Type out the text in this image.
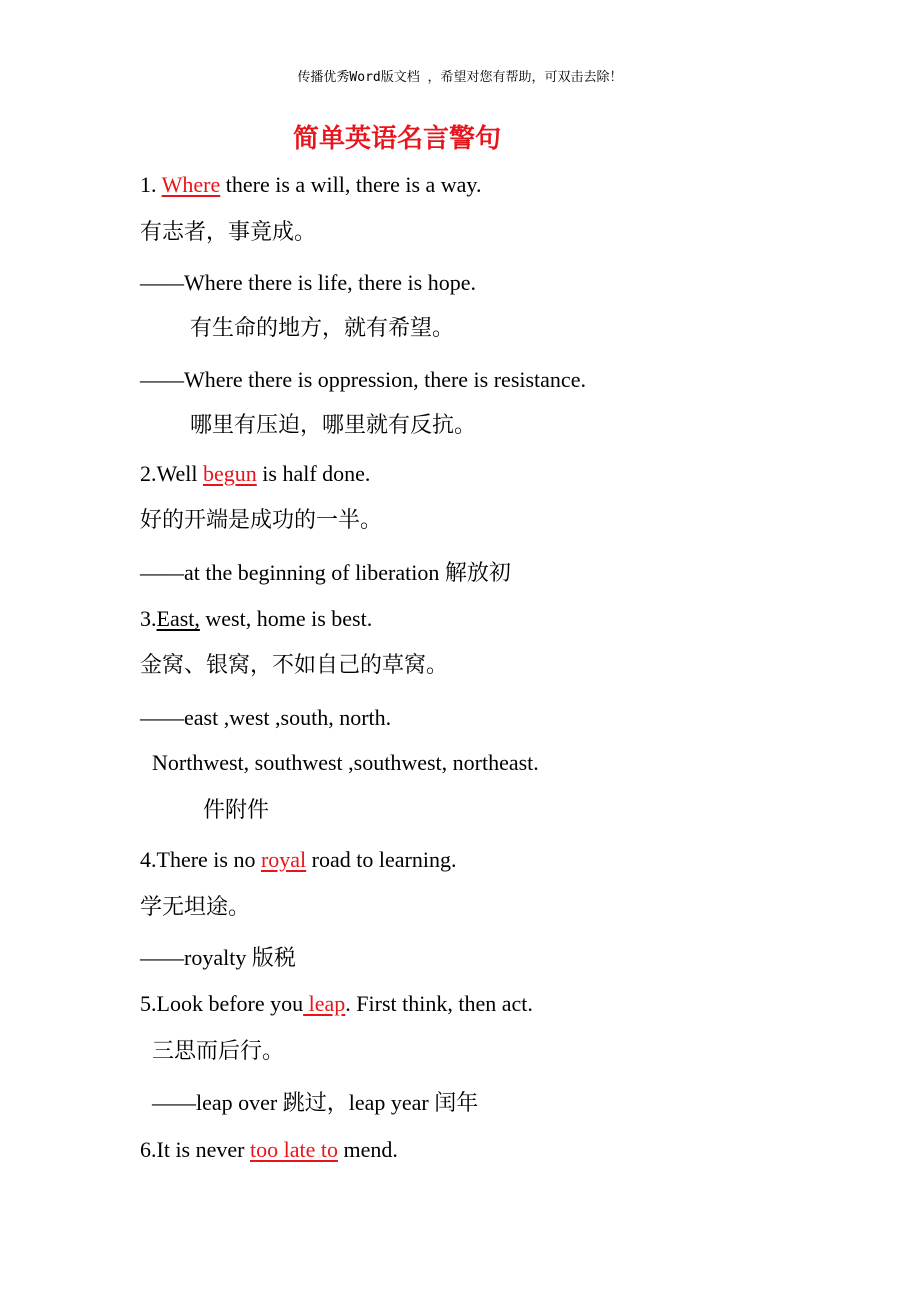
传播优秀Word版文档 ，希望对您有帮助，可双击去除！
简单英语名言警句
1. Where there is a will, there is a way.
有志者，事竟成。
——Where there is life, there is hope.
有生命的地方，就有希望。
——Where there is oppression, there is resistance.
哪里有压迫，哪里就有反抗。
2.Well begun is half done.
好的开端是成功的一半。
——at the beginning of liberation 解放初
3.East, west, home is best.
金窝、银窝，不如自己的草窝。
——east ,west ,south, north.
Northwest, southwest ,southwest, northeast.
件附件
4.There is no royal road to learning.
学无坦途。
——royalty 版税
5.Look before you leap. First think, then act.
三思而后行。
——leap over 跳过，leap year 闰年
6.It is never too late to mend.
